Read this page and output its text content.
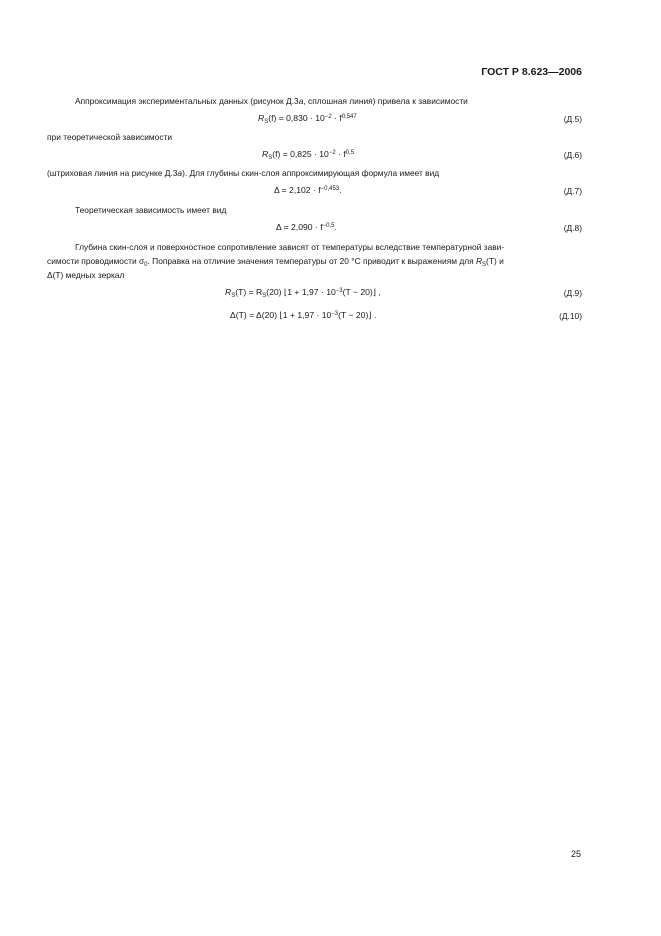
ГОСТ Р 8.623—2006
Аппроксимация экспериментальных данных (рисунок Д.3а, сплошная линия) привела к зависимости
$R_S(f) = 0,830 \cdot 10^{-2} \cdot f^{0,547}$	(Д.5)
при теоретической зависимости
$R_S(f) = 0,825 \cdot 10^{-2} \cdot f^{0,5}$	(Д.6)
(штриховая линия на рисунке Д.3а). Для глубины скин-слоя аппроксимирующая формула имеет вид
$\Delta = 2,102 \cdot f^{-0,453}$.	(Д.7)
Теоретическая зависимость имеет вид
$\Delta = 2,090 \cdot f^{-0,5}$.	(Д.8)
Глубина скин-слоя и поверхностное сопротивление зависят от температуры вследствие температурной зави-
симости проводимости $\sigma_0$. Поправка на отличие значения температуры от 20 °С приводит к выражениям для $R_S(T)$ и
Δ(T) медных зеркал
$R_S(T) = R_S(20)$ ⌊1 + $1,97 \cdot 10^{-3}(T$ − 20)⌋ ,	(Д.9)
Δ(T) = Δ(20) ⌊1 + $1,97 \cdot 10^{-3}(T$ − 20)⌋ .	(Д.10)
25
